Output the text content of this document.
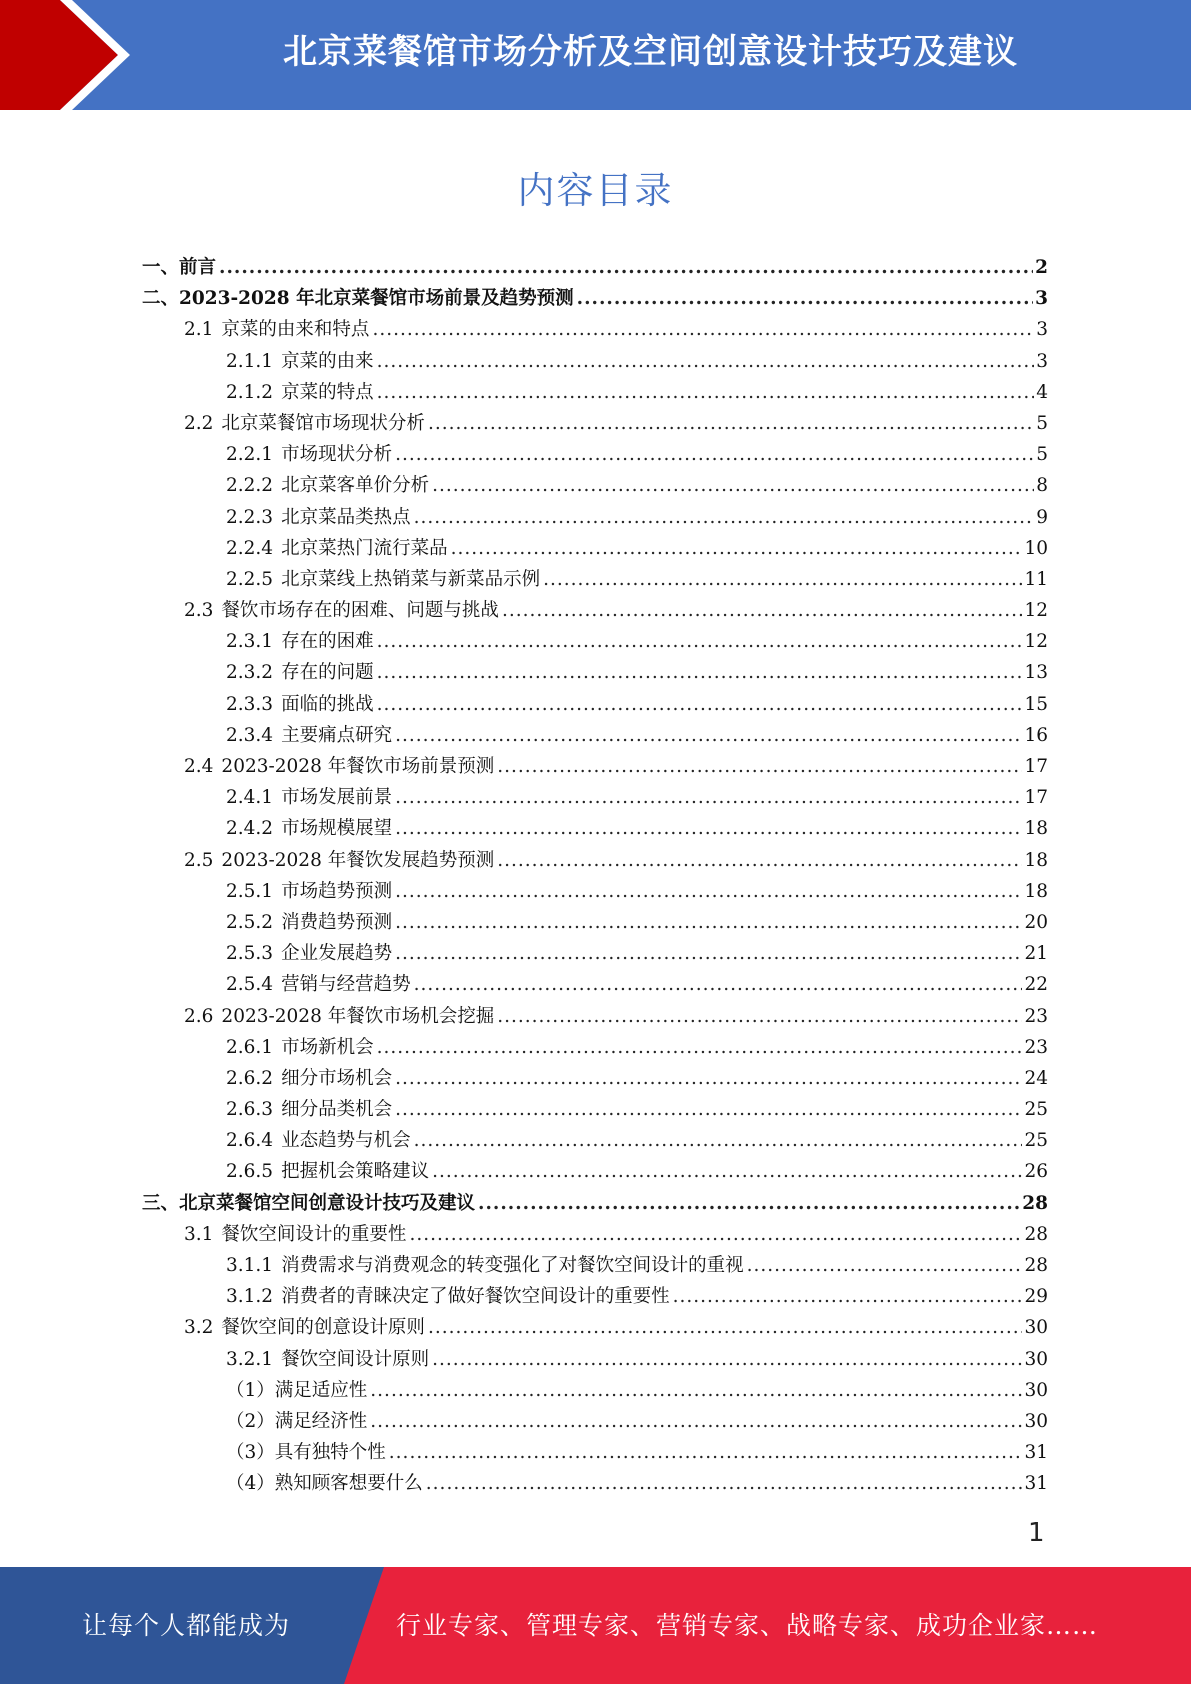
北京菜餐馆市场分析及空间创意设计技巧及建议
内容目录
一、 前言 .....	2
二、 2023-2028 年北京菜餐馆市场前景及趋势预测 .....	3
2.1 京菜的由来和特点 .....	3
2.1.1 京菜的由来 .....	3
2.1.2 京菜的特点 .....	4
2.2 北京菜餐馆市场现状分析 .....	5
2.2.1 市场现状分析 .....	5
2.2.2 北京菜客单价分析 .....	8
2.2.3 北京菜品类热点 .....	9
2.2.4 北京菜热门流行菜品 .....	10
2.2.5 北京菜线上热销菜与新菜品示例 .....	11
2.3 餐饮市场存在的困难、问题与挑战 .....	12
2.3.1 存在的困难 .....	12
2.3.2 存在的问题 .....	13
2.3.3 面临的挑战 .....	15
2.3.4 主要痛点研究 .....	16
2.4 2023-2028 年餐饮市场前景预测 .....	17
2.4.1 市场发展前景 .....	17
2.4.2 市场规模展望 .....	18
2.5 2023-2028 年餐饮发展趋势预测 .....	18
2.5.1 市场趋势预测 .....	18
2.5.2 消费趋势预测 .....	20
2.5.3 企业发展趋势 .....	21
2.5.4 营销与经营趋势 .....	22
2.6 2023-2028 年餐饮市场机会挖掘 .....	23
2.6.1 市场新机会 .....	23
2.6.2 细分市场机会 .....	24
2.6.3 细分品类机会 .....	25
2.6.4 业态趋势与机会 .....	25
2.6.5 把握机会策略建议 .....	26
三、 北京菜餐馆空间创意设计技巧及建议 .....	28
3.1 餐饮空间设计的重要性 .....	28
3.1.1 消费需求与消费观念的转变强化了对餐饮空间设计的重视 .....	28
3.1.2 消费者的青睐决定了做好餐饮空间设计的重要性 .....	29
3.2 餐饮空间的创意设计原则 .....	30
3.2.1 餐饮空间设计原则 .....	30
（1） 满足适应性 .....	30
（2） 满足经济性 .....	30
（3） 具有独特个性 .....	31
（4） 熟知顾客想要什么 .....	31
1
让每个人都能成为	行业专家、管理专家、营销专家、战略专家、成功企业家……
